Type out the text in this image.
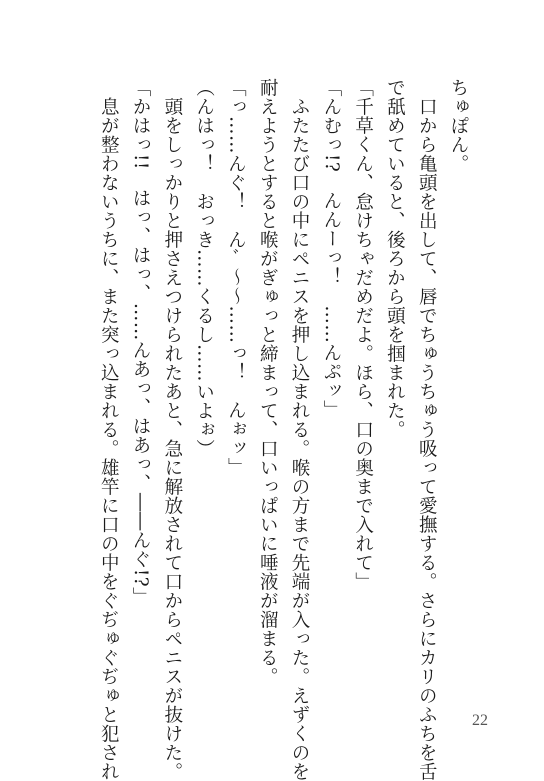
ちゅぽん。
　口から亀頭を出して、唇でちゅうちゅう吸って愛撫する。さらにカリのふちを舌
で舐めていると、後ろから頭を掴まれた。
「千草くん、怠けちゃだめだよ。ほら、口の奥まで入れて」
「んむっ!?　んんーっ！　……んぷッ」
　ふたたび口の中にペニスを押し込まれる。喉の方まで先端が入った。えずくのを
耐えようとすると喉がぎゅっと締まって、口いっぱいに唾液が溜まる。
「っ……んぐ！　んﾞ〜〜……っ！　んぉッ」
（んはっ！　おっき……くるし……いよぉ）
　頭をしっかりと押さえつけられたあと、急に解放されて口からペニスが抜けた。
「かはっ!!　はっ、はっ、……んあっ、はあっ、――んぐ!?」
　息が整わないうちに、また突っ込まれる。雄竿に口の中をぐぢゅぐぢゅと犯され	22
